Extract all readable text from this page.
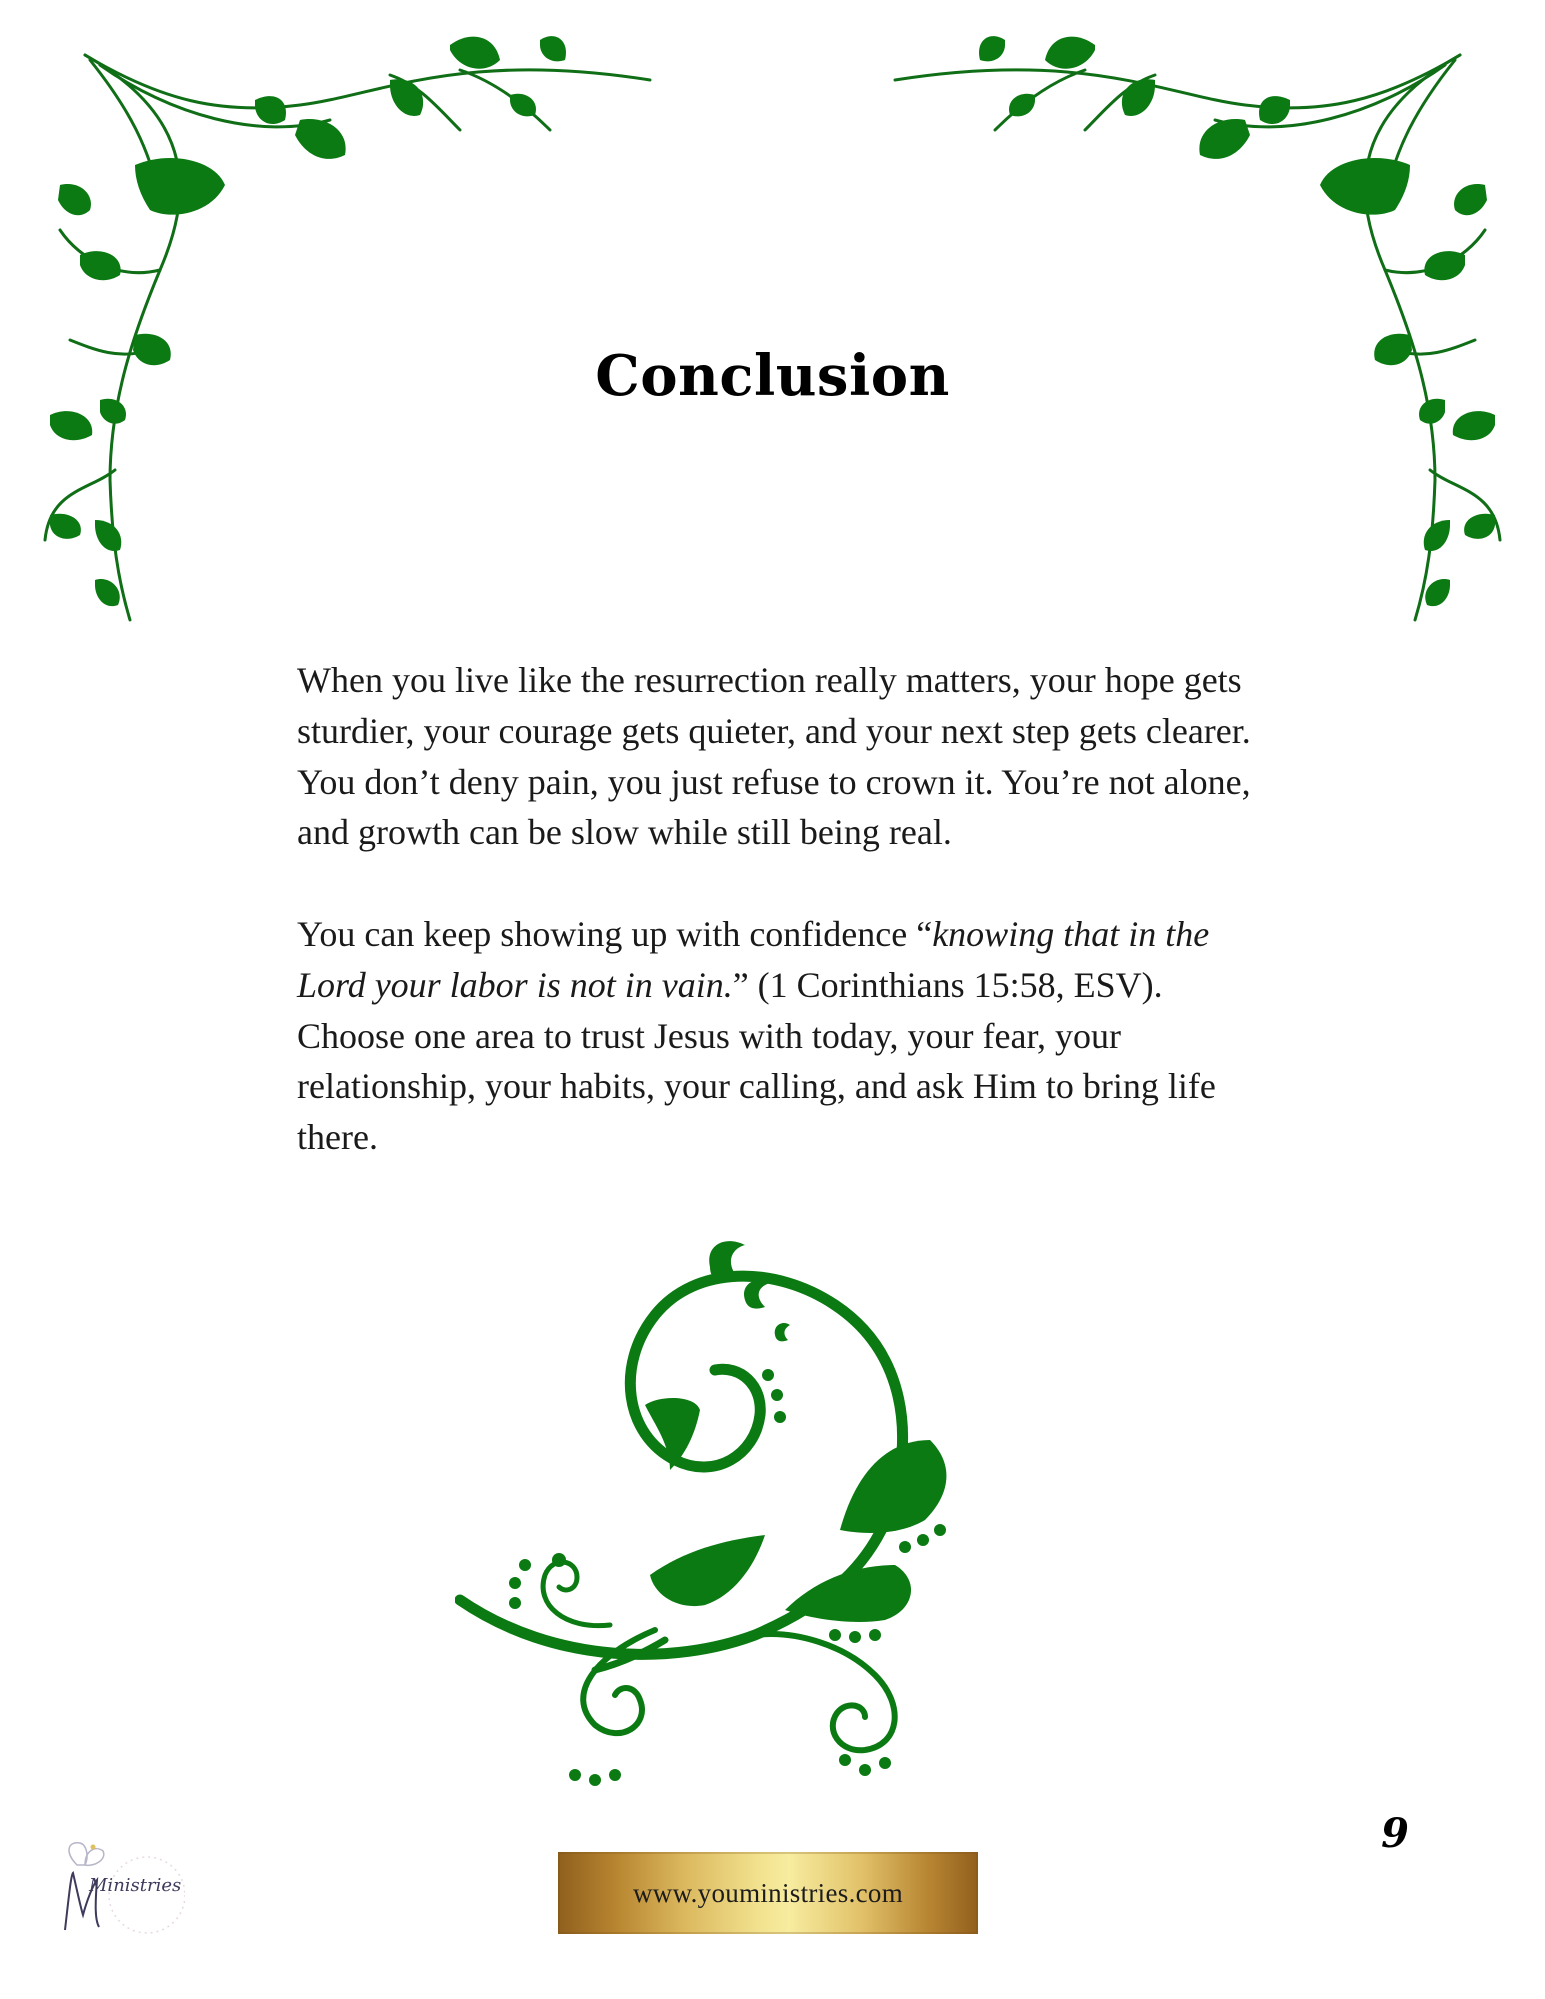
Conclusion

When you live like the resurrection really matters, your hope gets sturdier, your courage gets quieter, and your next step gets clearer. You don’t deny pain, you just refuse to crown it. You’re not alone, and growth can be slow while still being real.

You can keep showing up with confidence “knowing that in the Lord your labor is not in vain.” (1 Corinthians 15:58, ESV). Choose one area to trust Jesus with today, your fear, your relationship, your habits, your calling, and ask Him to bring life there.

9
www.youministries.com
Ministries
